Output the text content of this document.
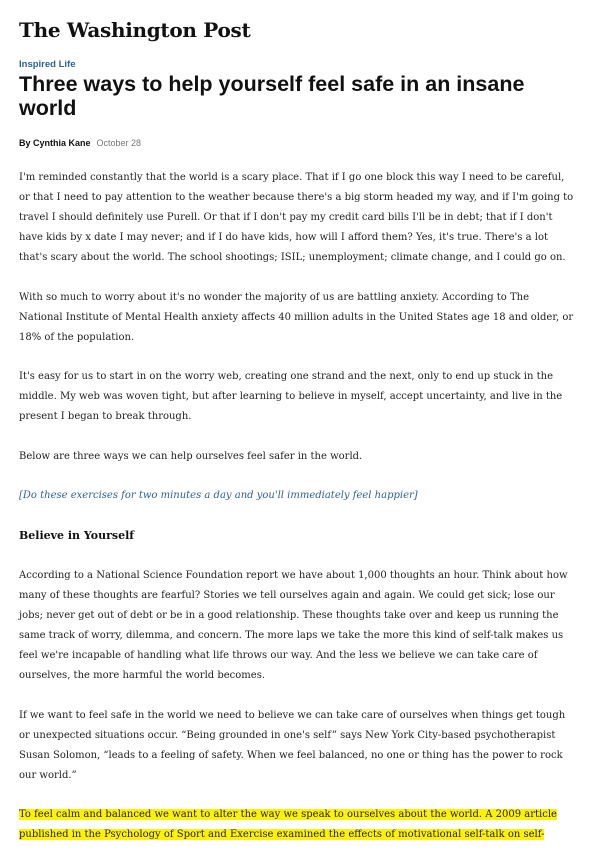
The Washington Post
Inspired Life
Three ways to help yourself feel safe in an insane world
By Cynthia Kane October 28

I'm reminded constantly that the world is a scary place. That if I go one block this way I need to be careful, or that I need to pay attention to the weather because there's a big storm headed my way, and if I'm going to travel I should definitely use Purell. Or that if I don't pay my credit card bills I'll be in debt; that if I don't have kids by x date I may never; and if I do have kids, how will I afford them? Yes, it's true. There's a lot that's scary about the world. The school shootings; ISIL; unemployment; climate change, and I could go on.

With so much to worry about it's no wonder the majority of us are battling anxiety. According to The National Institute of Mental Health anxiety affects 40 million adults in the United States age 18 and older, or 18% of the population.

It's easy for us to start in on the worry web, creating one strand and the next, only to end up stuck in the middle. My web was woven tight, but after learning to believe in myself, accept uncertainty, and live in the present I began to break through.

Below are three ways we can help ourselves feel safer in the world.

[Do these exercises for two minutes a day and you'll immediately feel happier]

Believe in Yourself

According to a National Science Foundation report we have about 1,000 thoughts an hour. Think about how many of these thoughts are fearful? Stories we tell ourselves again and again. We could get sick; lose our jobs; never get out of debt or be in a good relationship. These thoughts take over and keep us running the same track of worry, dilemma, and concern. The more laps we take the more this kind of self-talk makes us feel we're incapable of handling what life throws our way. And the less we believe we can take care of ourselves, the more harmful the world becomes.

If we want to feel safe in the world we need to believe we can take care of ourselves when things get tough or unexpected situations occur. “Being grounded in one's self” says New York City-based psychotherapist Susan Solomon, “leads to a feeling of safety. When we feel balanced, no one or thing has the power to rock our world.”

To feel calm and balanced we want to alter the way we speak to ourselves about the world. A 2009 article published in the Psychology of Sport and Exercise examined the effects of motivational self-talk on self-
